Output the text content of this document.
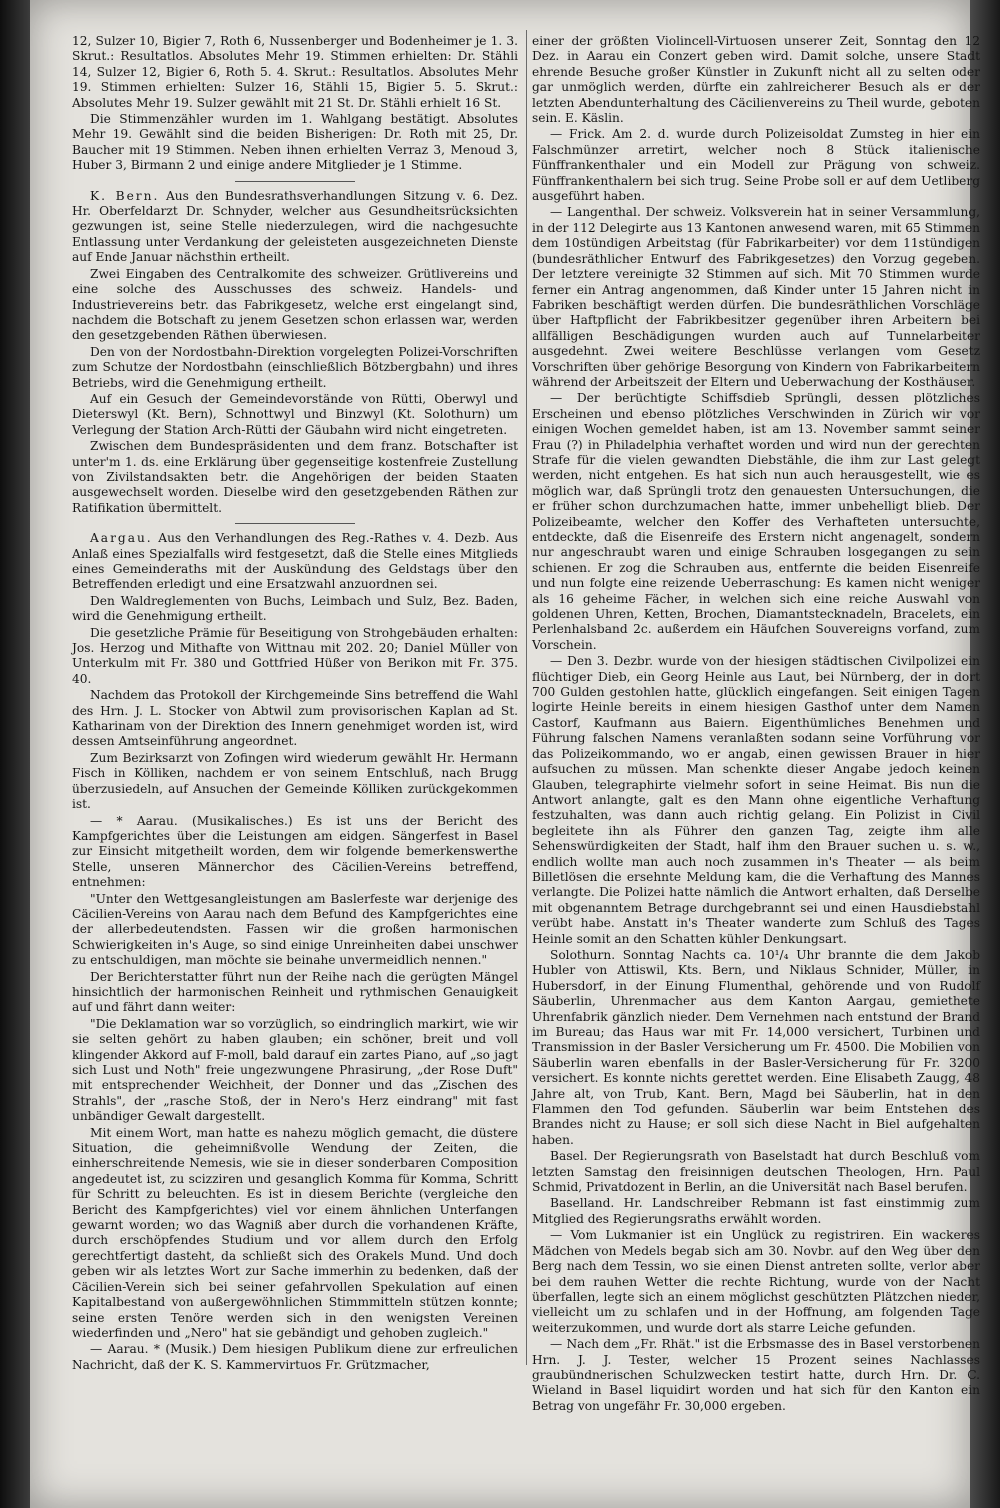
12, Sulzer 10, Bigier 7, Roth 6, Nussenberger und Bodenheimer je 1. 3. Skrut.: Resultatlos. Absolutes Mehr 19. Stimmen erhielten: Dr. Stähli 14, Sulzer 12, Bigier 6, Roth 5. 4. Skrut.: Resultatlos. Absolutes Mehr 19. Stimmen erhielten: Sulzer 16, Stähli 15, Bigier 5. 5. Skrut.: Absolutes Mehr 19. Sulzer gewählt mit 21 St. Dr. Stähli erhielt 16 St.

Die Stimmenzähler wurden im 1. Wahlgang bestätigt. Absolutes Mehr 19. Gewählt sind die beiden Bisherigen: Dr. Roth mit 25, Dr. Baucher mit 19 Stimmen. Neben ihnen erhielten Verraz 3, Menoud 3, Huber 3, Birmann 2 und einige andere Mitglieder je 1 Stimme.

K. Bern. Aus den Bundesrathsverhandlungen Sitzung v. 6. Dez. Hr. Oberfeldarzt Dr. Schnyder, welcher aus Gesundheitsrücksichten gezwungen ist, seine Stelle niederzulegen, wird die nachgesuchte Entlassung unter Verdankung der geleisteten ausgezeichneten Dienste auf Ende Januar nächsthin ertheilt.

Zwei Eingaben des Centralkomite des schweizer. Grütlivereins und eine solche des Ausschusses des schweiz. Handels- und Industrievereins betr. das Fabrikgesetz, welche erst eingelangt sind, nachdem die Botschaft zu jenem Gesetzen schon erlassen war, werden den gesetzgebenden Räthen überwiesen.

Den von der Nordostbahn-Direktion vorgelegten Polizei-Vorschriften zum Schutze der Nordostbahn (einschließlich Bötzbergbahn) und ihres Betriebs, wird die Genehmigung ertheilt.

Auf ein Gesuch der Gemeindevorstände von Rütti, Oberwyl und Dieterswyl (Kt. Bern), Schnottwyl und Binzwyl (Kt. Solothurn) um Verlegung der Station Arch-Rütti der Gäubahn wird nicht eingetreten.

Zwischen dem Bundespräsidenten und dem franz. Botschafter ist unter'm 1. ds. eine Erklärung über gegenseitige kostenfreie Zustellung von Zivilstandsakten betr. die Angehörigen der beiden Staaten ausgewechselt worden. Dieselbe wird den gesetzgebenden Räthen zur Ratifikation übermittelt.

Aargau. Aus den Verhandlungen des Reg.-Rathes v. 4. Dezb. Aus Anlaß eines Spezialfalls wird festgesetzt, daß die Stelle eines Mitglieds eines Gemeinderaths mit der Auskündung des Geldstags über den Betreffenden erledigt und eine Ersatzwahl anzuordnen sei.

Den Waldreglementen von Buchs, Leimbach und Sulz, Bez. Baden, wird die Genehmigung ertheilt.

Die gesetzliche Prämie für Beseitigung von Strohgebäuden erhalten: Jos. Herzog und Mithafte von Wittnau mit 202. 20; Daniel Müller von Unterkulm mit Fr. 380 und Gottfried Hüßer von Berikon mit Fr. 375. 40.

Nachdem das Protokoll der Kirchgemeinde Sins betreffend die Wahl des Hrn. J. L. Stocker von Abtwil zum provisorischen Kaplan ad St. Katharinam von der Direktion des Innern genehmiget worden ist, wird dessen Amtseinführung angeordnet.

Zum Bezirksarzt von Zofingen wird wiederum gewählt Hr. Hermann Fisch in Kölliken, nachdem er von seinem Entschluß, nach Brugg überzusiedeln, auf Ansuchen der Gemeinde Kölliken zurückgekommen ist.

— * Aarau. (Musikalisches.) Es ist uns der Bericht des Kampfgerichtes über die Leistungen am eidgen. Sängerfest in Basel zur Einsicht mitgetheilt worden, dem wir folgende bemerkenswerthe Stelle, unseren Männerchor des Cäcilien-Vereins betreffend, entnehmen:

"Unter den Wettgesangleistungen am Baslerfeste war derjenige des Cäcilien-Vereins von Aarau nach dem Befund des Kampfgerichtes eine der allerbedeutendsten. Fassen wir die großen harmonischen Schwierigkeiten in's Auge, so sind einige Unreinheiten dabei unschwer zu entschuldigen, man möchte sie beinahe unvermeidlich nennen."

Der Berichterstatter führt nun der Reihe nach die gerügten Mängel hinsichtlich der harmonischen Reinheit und rythmischen Genauigkeit auf und fährt dann weiter:

"Die Deklamation war so vorzüglich, so eindringlich markirt, wie wir sie selten gehört zu haben glauben; ein schöner, breit und voll klingender Akkord auf F-moll, bald darauf ein zartes Piano, auf „so jagt sich Lust und Noth" freie ungezwungene Phrasirung, „der Rose Duft" mit entsprechender Weichheit, der Donner und das „Zischen des Strahls", der „rasche Stoß, der in Nero's Herz eindrang" mit fast unbändiger Gewalt dargestellt.

Mit einem Wort, man hatte es nahezu möglich gemacht, die düstere Situation, die geheimnißvolle Wendung der Zeiten, die einherschreitende Nemesis, wie sie in dieser sonderbaren Composition angedeutet ist, zu scizziren und gesanglich Komma für Komma, Schritt für Schritt zu beleuchten. Es ist in diesem Berichte (vergleiche den Bericht des Kampfgerichtes) viel vor einem ähnlichen Unterfangen gewarnt worden; wo das Wagniß aber durch die vorhandenen Kräfte, durch erschöpfendes Studium und vor allem durch den Erfolg gerechtfertigt dasteht, da schließt sich des Orakels Mund. Und doch geben wir als letztes Wort zur Sache immerhin zu bedenken, daß der Cäcilien-Verein sich bei seiner gefahrvollen Spekulation auf einen Kapitalbestand von außergewöhnlichen Stimmmitteln stützen konnte; seine ersten Tenöre werden sich in den wenigsten Vereinen wiederfinden und „Nero" hat sie gebändigt und gehoben zugleich."

— Aarau. * (Musik.) Dem hiesigen Publikum diene zur erfreulichen Nachricht, daß der K. S. Kammervirtuos Fr. Grützmacher,

einer der größten Violincell-Virtuosen unserer Zeit, Sonntag den 12 Dez. in Aarau ein Conzert geben wird. Damit solche, unsere Stadt ehrende Besuche großer Künstler in Zukunft nicht all zu selten oder gar unmöglich werden, dürfte ein zahlreicherer Besuch als er der letzten Abendunterhaltung des Cäcilienvereins zu Theil wurde, geboten sein. E. Käslin.

— Frick. Am 2. d. wurde durch Polizeisoldat Zumsteg in hier ein Falschmünzer arretirt, welcher noch 8 Stück italienische Fünffrankenthaler und ein Modell zur Prägung von schweiz. Fünffrankenthalern bei sich trug. Seine Probe soll er auf dem Uetliberg ausgeführt haben.

— Langenthal. Der schweiz. Volksverein hat in seiner Versammlung, in der 112 Delegirte aus 13 Kantonen anwesend waren, mit 65 Stimmen dem 10stündigen Arbeitstag (für Fabrikarbeiter) vor dem 11stündigen (bundesräthlicher Entwurf des Fabrikgesetzes) den Vorzug gegeben. Der letztere vereinigte 32 Stimmen auf sich. Mit 70 Stimmen wurde ferner ein Antrag angenommen, daß Kinder unter 15 Jahren nicht in Fabriken beschäftigt werden dürfen. Die bundesräthlichen Vorschläge über Haftpflicht der Fabrikbesitzer gegenüber ihren Arbeitern bei allfälligen Beschädigungen wurden auch auf Tunnelarbeiter ausgedehnt. Zwei weitere Beschlüsse verlangen vom Gesetz Vorschriften über gehörige Besorgung von Kindern von Fabrikarbeitern während der Arbeitszeit der Eltern und Ueberwachung der Kosthäuser.

— Der berüchtigte Schiffsdieb Sprüngli, dessen plötzliches Erscheinen und ebenso plötzliches Verschwinden in Zürich wir vor einigen Wochen gemeldet haben, ist am 13. November sammt seiner Frau (?) in Philadelphia verhaftet worden und wird nun der gerechten Strafe für die vielen gewandten Diebstähle, die ihm zur Last gelegt werden, nicht entgehen. Es hat sich nun auch herausgestellt, wie es möglich war, daß Sprüngli trotz den genauesten Untersuchungen, die er früher schon durchzumachen hatte, immer unbehelligt blieb. Der Polizeibeamte, welcher den Koffer des Verhafteten untersuchte, entdeckte, daß die Eisenreife des Erstern nicht angenagelt, sondern nur angeschraubt waren und einige Schrauben losgegangen zu sein schienen. Er zog die Schrauben aus, entfernte die beiden Eisenreife und nun folgte eine reizende Ueberraschung: Es kamen nicht weniger als 16 geheime Fächer, in welchen sich eine reiche Auswahl von goldenen Uhren, Ketten, Brochen, Diamantstecknadeln, Bracelets, ein Perlenhalsband 2c. außerdem ein Häufchen Souvereigns vorfand, zum Vorschein.

— Den 3. Dezbr. wurde von der hiesigen städtischen Civilpolizei ein flüchtiger Dieb, ein Georg Heinle aus Laut, bei Nürnberg, der in dort 700 Gulden gestohlen hatte, glücklich eingefangen. Seit einigen Tagen logirte Heinle bereits in einem hiesigen Gasthof unter dem Namen Castorf, Kaufmann aus Baiern. Eigenthümliches Benehmen und Führung falschen Namens veranlaßten sodann seine Vorführung vor das Polizeikommando, wo er angab, einen gewissen Brauer in hier aufsuchen zu müssen. Man schenkte dieser Angabe jedoch keinen Glauben, telegraphirte vielmehr sofort in seine Heimat. Bis nun die Antwort anlangte, galt es den Mann ohne eigentliche Verhaftung festzuhalten, was dann auch richtig gelang. Ein Polizist in Civil begleitete ihn als Führer den ganzen Tag, zeigte ihm alle Sehenswürdigkeiten der Stadt, half ihm den Brauer suchen u. s. w., endlich wollte man auch noch zusammen in's Theater — als beim Billetlösen die ersehnte Meldung kam, die die Verhaftung des Mannes verlangte. Die Polizei hatte nämlich die Antwort erhalten, daß Derselbe mit obgenanntem Betrage durchgebrannt sei und einen Hausdiebstahl verübt habe. Anstatt in's Theater wanderte zum Schluß des Tages Heinle somit an den Schatten kühler Denkungsart.

Solothurn. Sonntag Nachts ca. 10¹/₄ Uhr brannte die dem Jakob Hubler von Attiswil, Kts. Bern, und Niklaus Schnider, Müller, in Hubersdorf, in der Einung Flumenthal, gehörende und von Rudolf Säuberlin, Uhrenmacher aus dem Kanton Aargau, gemiethete Uhrenfabrik gänzlich nieder. Dem Vernehmen nach entstund der Brand im Bureau; das Haus war mit Fr. 14,000 versichert, Turbinen und Transmission in der Basler Versicherung um Fr. 4500. Die Mobilien von Säuberlin waren ebenfalls in der Basler-Versicherung für Fr. 3200 versichert. Es konnte nichts gerettet werden. Eine Elisabeth Zaugg, 48 Jahre alt, von Trub, Kant. Bern, Magd bei Säuberlin, hat in den Flammen den Tod gefunden. Säuberlin war beim Entstehen des Brandes nicht zu Hause; er soll sich diese Nacht in Biel aufgehalten haben.

Basel. Der Regierungsrath von Baselstadt hat durch Beschluß vom letzten Samstag den freisinnigen deutschen Theologen, Hrn. Paul Schmid, Privatdozent in Berlin, an die Universität nach Basel berufen.

Baselland. Hr. Landschreiber Rebmann ist fast einstimmig zum Mitglied des Regierungsraths erwählt worden.

— Vom Lukmanier ist ein Unglück zu registriren. Ein wackeres Mädchen von Medels begab sich am 30. Novbr. auf den Weg über den Berg nach dem Tessin, wo sie einen Dienst antreten sollte, verlor aber bei dem rauhen Wetter die rechte Richtung, wurde von der Nacht überfallen, legte sich an einem möglichst geschützten Plätzchen nieder, vielleicht um zu schlafen und in der Hoffnung, am folgenden Tage weiterzukommen, und wurde dort als starre Leiche gefunden.

— Nach dem „Fr. Rhät." ist die Erbsmasse des in Basel verstorbenen Hrn. J. J. Tester, welcher 15 Prozent seines Nachlasses graubündnerischen Schulzwecken testirt hatte, durch Hrn. Dr. C. Wieland in Basel liquidirt worden und hat sich für den Kanton ein Betrag von ungefähr Fr. 30,000 ergeben.
